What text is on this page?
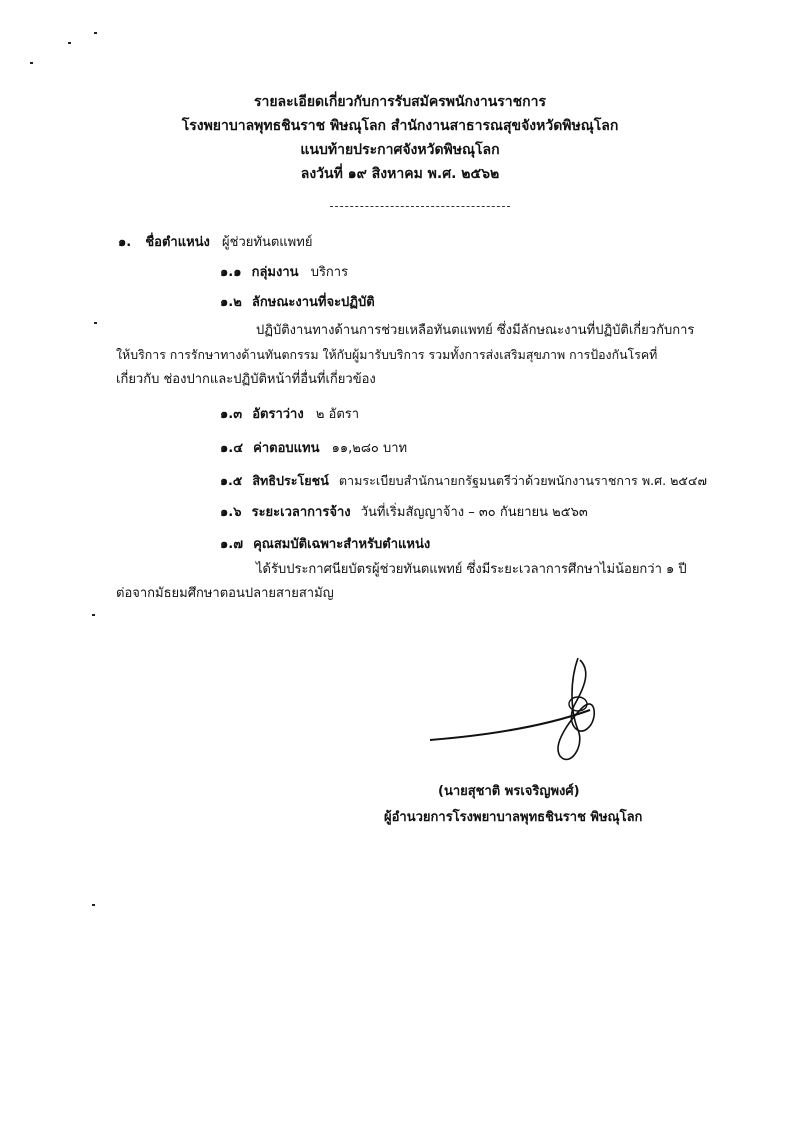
รายละเอียดเกี่ยวกับการรับสมัครพนักงานราชการ
โรงพยาบาลพุทธชินราช พิษณุโลก สำนักงานสาธารณสุขจังหวัดพิษณุโลก
แนบท้ายประกาศจังหวัดพิษณุโลก
ลงวันที่ ๑๙ สิงหาคม พ.ศ. ๒๕๖๒
๑. ชื่อตำแหน่ง ผู้ช่วยทันตแพทย์
๑.๑ กลุ่มงาน บริการ
๑.๒ ลักษณะงานที่จะปฏิบัติ
ปฏิบัติงานทางด้านการช่วยเหลือทันตแพทย์ ซึ่งมีลักษณะงานที่ปฏิบัติเกี่ยวกับการ
ให้บริการ การรักษาทางด้านทันตกรรม ให้กับผู้มารับบริการ รวมทั้งการส่งเสริมสุขภาพ การป้องกันโรคที่
เกี่ยวกับ ช่องปากและปฏิบัติหน้าที่อื่นที่เกี่ยวข้อง
๑.๓ อัตราว่าง ๒ อัตรา
๑.๔ ค่าตอบแทน ๑๑,๒๘๐ บาท
๑.๕ สิทธิประโยชน์ ตามระเบียบสำนักนายกรัฐมนตรีว่าด้วยพนักงานราชการ พ.ศ. ๒๕๔๗
๑.๖ ระยะเวลาการจ้าง วันที่เริ่มสัญญาจ้าง – ๓๐ กันยายน ๒๕๖๓
๑.๗ คุณสมบัติเฉพาะสำหรับตำแหน่ง
ได้รับประกาศนียบัตรผู้ช่วยทันตแพทย์ ซึ่งมีระยะเวลาการศึกษาไม่น้อยกว่า ๑ ปี
ต่อจากมัธยมศึกษาตอนปลายสายสามัญ
(นายสุชาติ พรเจริญพงศ์)
ผู้อำนวยการโรงพยาบาลพุทธชินราช พิษณุโลก
